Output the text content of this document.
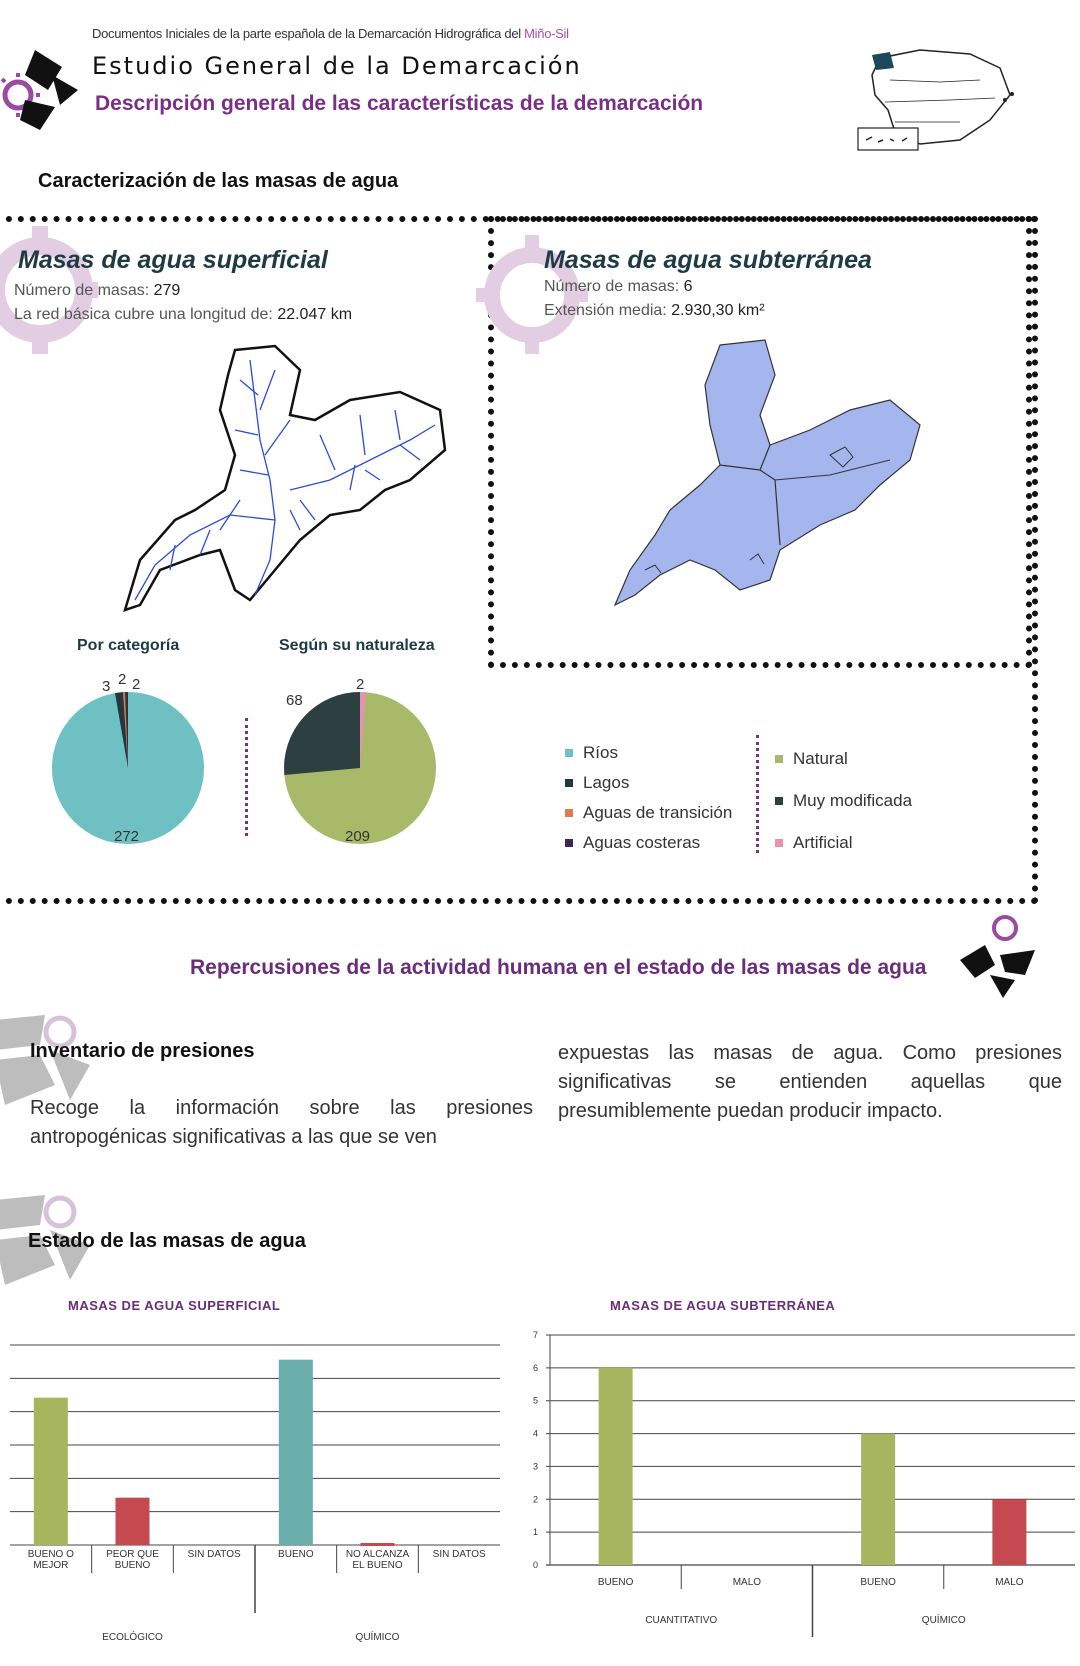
Documentos Iniciales de la parte española de la Demarcación Hidrográfica del Miño-Sil
Estudio General de la Demarcación
Descripción general de las características de la demarcación
Caracterización de las masas de agua
Masas de agua superficial
Número de masas: 279
La red básica cubre una longitud de: 22.047 km
Masas de agua subterránea
Número de masas: 6
Extensión media: 2.930,30 km²
Por categoría	Según su naturaleza
3 2 2
272
68
2
209
Ríos
Lagos
Aguas de transición
Aguas costeras
Natural
Muy modificada
Artificial
Repercusiones de la actividad humana en el estado de las masas de agua
Inventario de presiones
Recoge la información sobre las presiones antropogénicas significativas a las que se ven
expuestas las masas de agua. Como presiones significativas se entienden aquellas que presumiblemente puedan producir impacto.
Estado de las masas de agua
MASAS DE AGUA SUPERFICIAL
BUENO O
MEJOR
PEOR QUE
BUENO
SIN DATOS	BUENO	NO ALCANZA
EL BUENO
SIN DATOS
ECOLÓGICO	QUÍMICO
MASAS DE AGUA SUBTERRÁNEA
0
1
2
3
4
5
6
7
BUENO	MALO	BUENO	MALO
CUANTITATIVO	QUÍMICO
